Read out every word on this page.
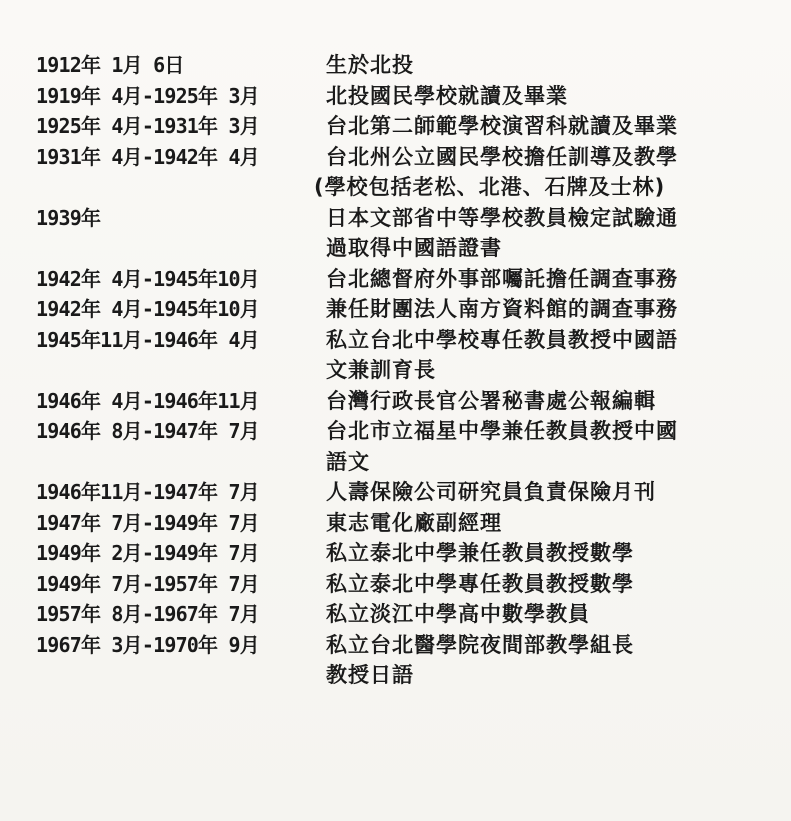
1912年 1月 6日	生於北投
1919年 4月-1925年 3月	北投國民學校就讀及畢業
1925年 4月-1931年 3月	台北第二師範學校演習科就讀及畢業
1931年 4月-1942年 4月	台北州公立國民學校擔任訓導及教學
(學校包括老松、北港、石牌及士林)
1939年	日本文部省中等學校教員檢定試驗通
過取得中國語證書
1942年 4月-1945年10月	台北總督府外事部囑託擔任調查事務
1942年 4月-1945年10月	兼任財團法人南方資料館的調查事務
1945年11月-1946年 4月	私立台北中學校專任教員教授中國語
文兼訓育長
1946年 4月-1946年11月	台灣行政長官公署秘書處公報編輯
1946年 8月-1947年 7月	台北市立福星中學兼任教員教授中國
語文
1946年11月-1947年 7月	人壽保險公司研究員負責保險月刊
1947年 7月-1949年 7月	東志電化廠副經理
1949年 2月-1949年 7月	私立泰北中學兼任教員教授數學
1949年 7月-1957年 7月	私立泰北中學專任教員教授數學
1957年 8月-1967年 7月	私立淡江中學高中數學教員
1967年 3月-1970年 9月	私立台北醫學院夜間部教學組長
教授日語
